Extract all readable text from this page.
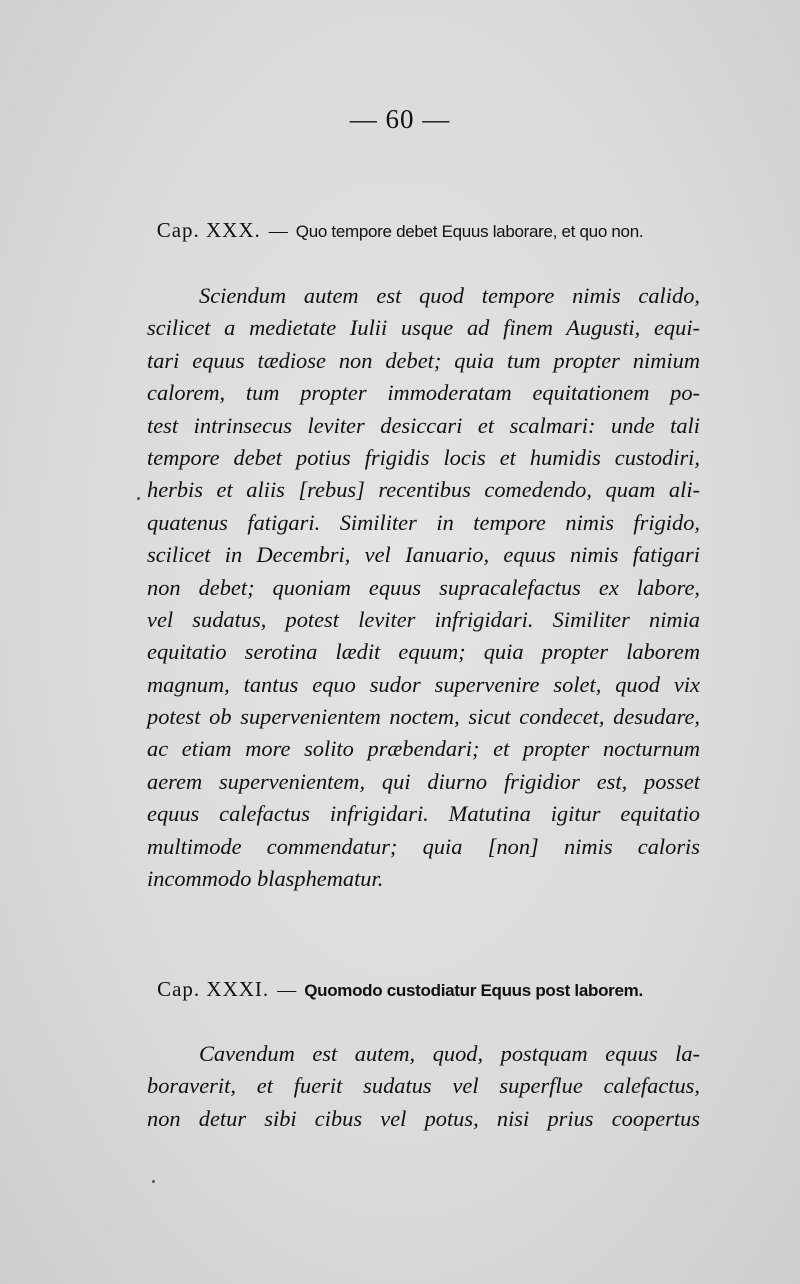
— 60 —
Cap. XXX. — Quo tempore debet Equus laborare, et quo non.
Sciendum autem est quod tempore nimis calido,
scilicet a medietate Iulii usque ad finem Augusti, equi-
tari equus tædiose non debet; quia tum propter nimium
calorem, tum propter immoderatam equitationem po-
test intrinsecus leviter desiccari et scalmari: unde tali
tempore debet potius frigidis locis et humidis custodiri,
herbis et aliis [rebus] recentibus comedendo, quam ali-
quatenus fatigari. Similiter in tempore nimis frigido,
scilicet in Decembri, vel Ianuario, equus nimis fatigari
non debet; quoniam equus supracalefactus ex labore,
vel sudatus, potest leviter infrigidari. Similiter nimia
equitatio serotina lædit equum; quia propter laborem
magnum, tantus equo sudor supervenire solet, quod vix
potest ob supervenientem noctem, sicut condecet, desudare,
ac etiam more solito præbendari; et propter nocturnum
aerem supervenientem, qui diurno frigidior est, posset
equus calefactus infrigidari. Matutina igitur equitatio
multimode commendatur; quia [non] nimis caloris
incommodo blasphematur.
Cap. XXXI. — Quomodo custodiatur Equus post laborem.
Cavendum est autem, quod, postquam equus la-
boraverit, et fuerit sudatus vel superflue calefactus,
non detur sibi cibus vel potus, nisi prius coopertus
